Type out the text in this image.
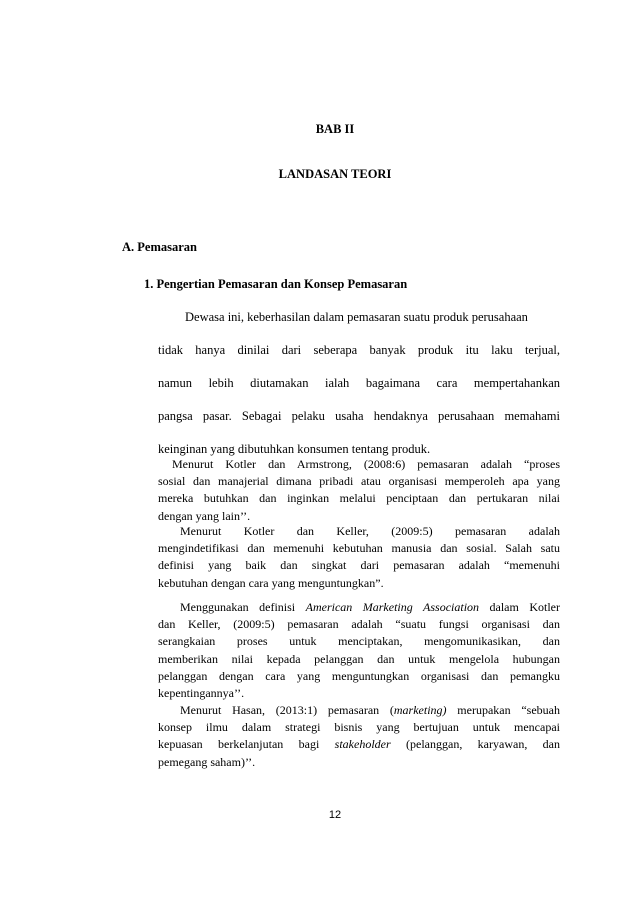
BAB II
LANDASAN TEORI
A. Pemasaran
1. Pengertian Pemasaran dan Konsep Pemasaran
Dewasa ini, keberhasilan dalam pemasaran suatu produk perusahaan
tidak hanya dinilai dari seberapa banyak produk itu laku terjual,
namun lebih diutamakan ialah bagaimana cara mempertahankan
pangsa pasar. Sebagai pelaku usaha hendaknya perusahaan memahami
keinginan yang dibutuhkan konsumen tentang produk.
Menurut Kotler dan Armstrong, (2008:6) pemasaran adalah “proses
sosial dan manajerial dimana pribadi atau organisasi memperoleh apa yang
mereka butuhkan dan inginkan melalui penciptaan dan pertukaran nilai
dengan yang lain’’.
Menurut Kotler dan Keller, (2009:5) pemasaran adalah
mengindetifikasi dan memenuhi kebutuhan manusia dan sosial. Salah satu
definisi yang baik dan singkat dari pemasaran adalah “memenuhi
kebutuhan dengan cara yang menguntungkan”.
Menggunakan definisi American Marketing Association dalam Kotler
dan Keller, (2009:5) pemasaran adalah “suatu fungsi organisasi dan
serangkaian proses untuk menciptakan, mengomunikasikan, dan
memberikan nilai kepada pelanggan dan untuk mengelola hubungan
pelanggan dengan cara yang menguntungkan organisasi dan pemangku
kepentingannya’’.
Menurut Hasan, (2013:1) pemasaran (marketing) merupakan “sebuah
konsep ilmu dalam strategi bisnis yang bertujuan untuk mencapai
kepuasan berkelanjutan bagi stakeholder (pelanggan, karyawan, dan
pemegang saham)’’.
12
